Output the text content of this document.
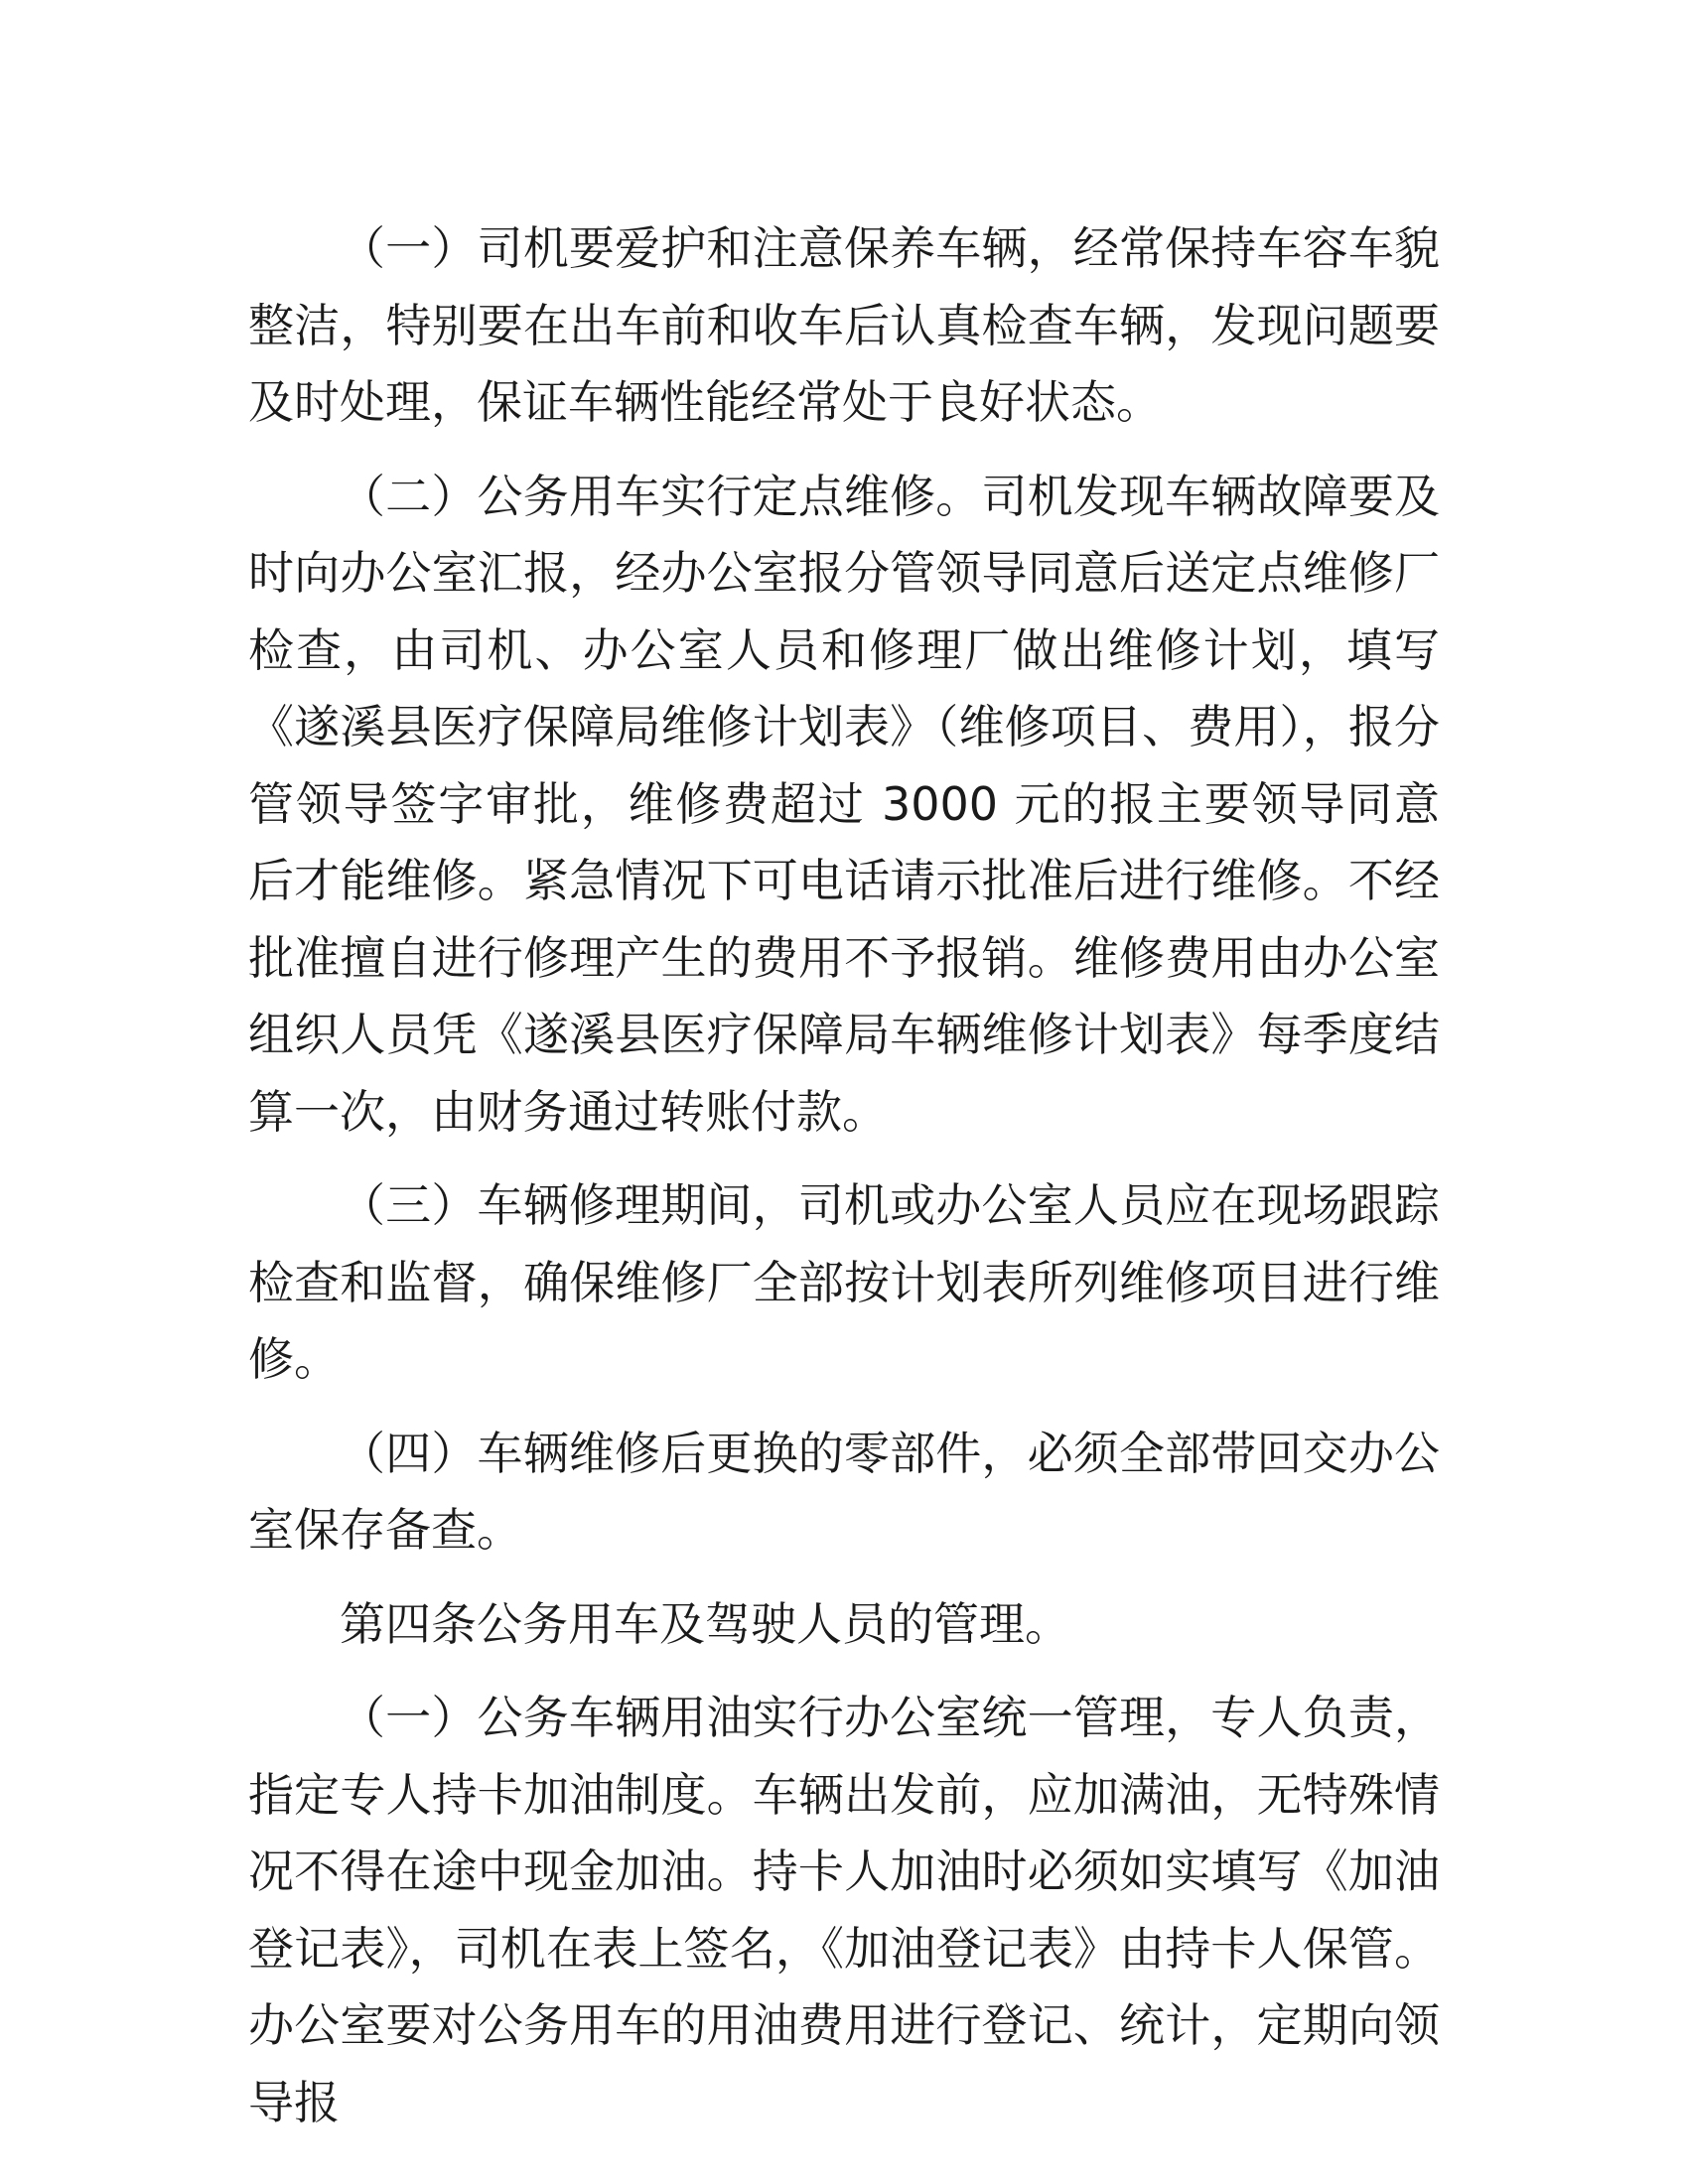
（一）司机要爱护和注意保养车辆，经常保持车容车貌整洁，特别要在出车前和收车后认真检查车辆，发现问题要及时处理，保证车辆性能经常处于良好状态。

（二）公务用车实行定点维修。司机发现车辆故障要及时向办公室汇报，经办公室报分管领导同意后送定点维修厂检查，由司机、办公室人员和修理厂做出维修计划，填写《遂溪县医疗保障局维修计划表》（维修项目、费用），报分管领导签字审批，维修费超过 3000 元的报主要领导同意后才能维修。紧急情况下可电话请示批准后进行维修。不经批准擅自进行修理产生的费用不予报销。维修费用由办公室组织人员凭《遂溪县医疗保障局车辆维修计划表》每季度结算一次，由财务通过转账付款。

（三）车辆修理期间，司机或办公室人员应在现场跟踪检查和监督，确保维修厂全部按计划表所列维修项目进行维修。

（四）车辆维修后更换的零部件，必须全部带回交办公室保存备查。

第四条公务用车及驾驶人员的管理。

（一）公务车辆用油实行办公室统一管理，专人负责，指定专人持卡加油制度。车辆出发前，应加满油，无特殊情况不得在途中现金加油。持卡人加油时必须如实填写《加油登记表》，司机在表上签名，《加油登记表》由持卡人保管。办公室要对公务用车的用油费用进行登记、统计，定期向领导报
